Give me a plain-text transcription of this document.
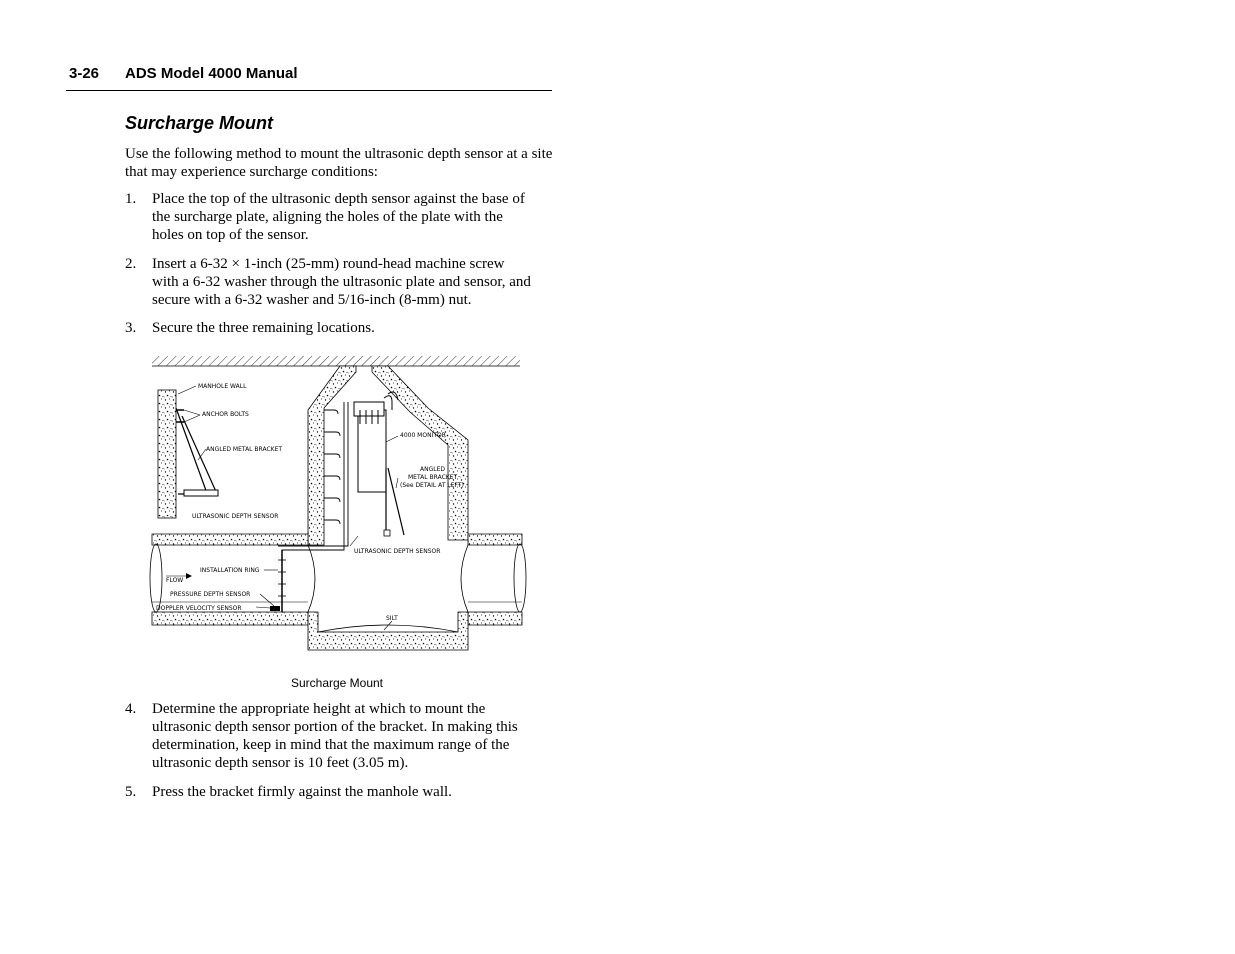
3-26 ADS Model 4000 Manual
Surcharge Mount
Use the following method to mount the ultrasonic depth sensor at a site that may experience surcharge conditions:
1. Place the top of the ultrasonic depth sensor against the base of
the surcharge plate, aligning the holes of the plate with the
holes on top of the sensor.
2. Insert a 6-32 × 1-inch (25-mm) round-head machine screw
with a 6-32 washer through the ultrasonic plate and sensor, and
secure with a 6-32 washer and 5/16-inch (8-mm) nut.
3. Secure the three remaining locations.
MANHOLE WALL
ANCHOR BOLTS
ANGLED METAL BRACKET
ULTRASONIC DEPTH SENSOR
4000 MONITOR
ANGLED
METAL BRACKET
(See DETAIL AT LEFT)
ULTRASONIC DEPTH SENSOR
FLOW
INSTALLATION RING
PRESSURE DEPTH SENSOR
DOPPLER VELOCITY SENSOR
SILT
Surcharge Mount
4. Determine the appropriate height at which to mount the
ultrasonic depth sensor portion of the bracket. In making this
determination, keep in mind that the maximum range of the
ultrasonic depth sensor is 10 feet (3.05 m).
5. Press the bracket firmly against the manhole wall.
